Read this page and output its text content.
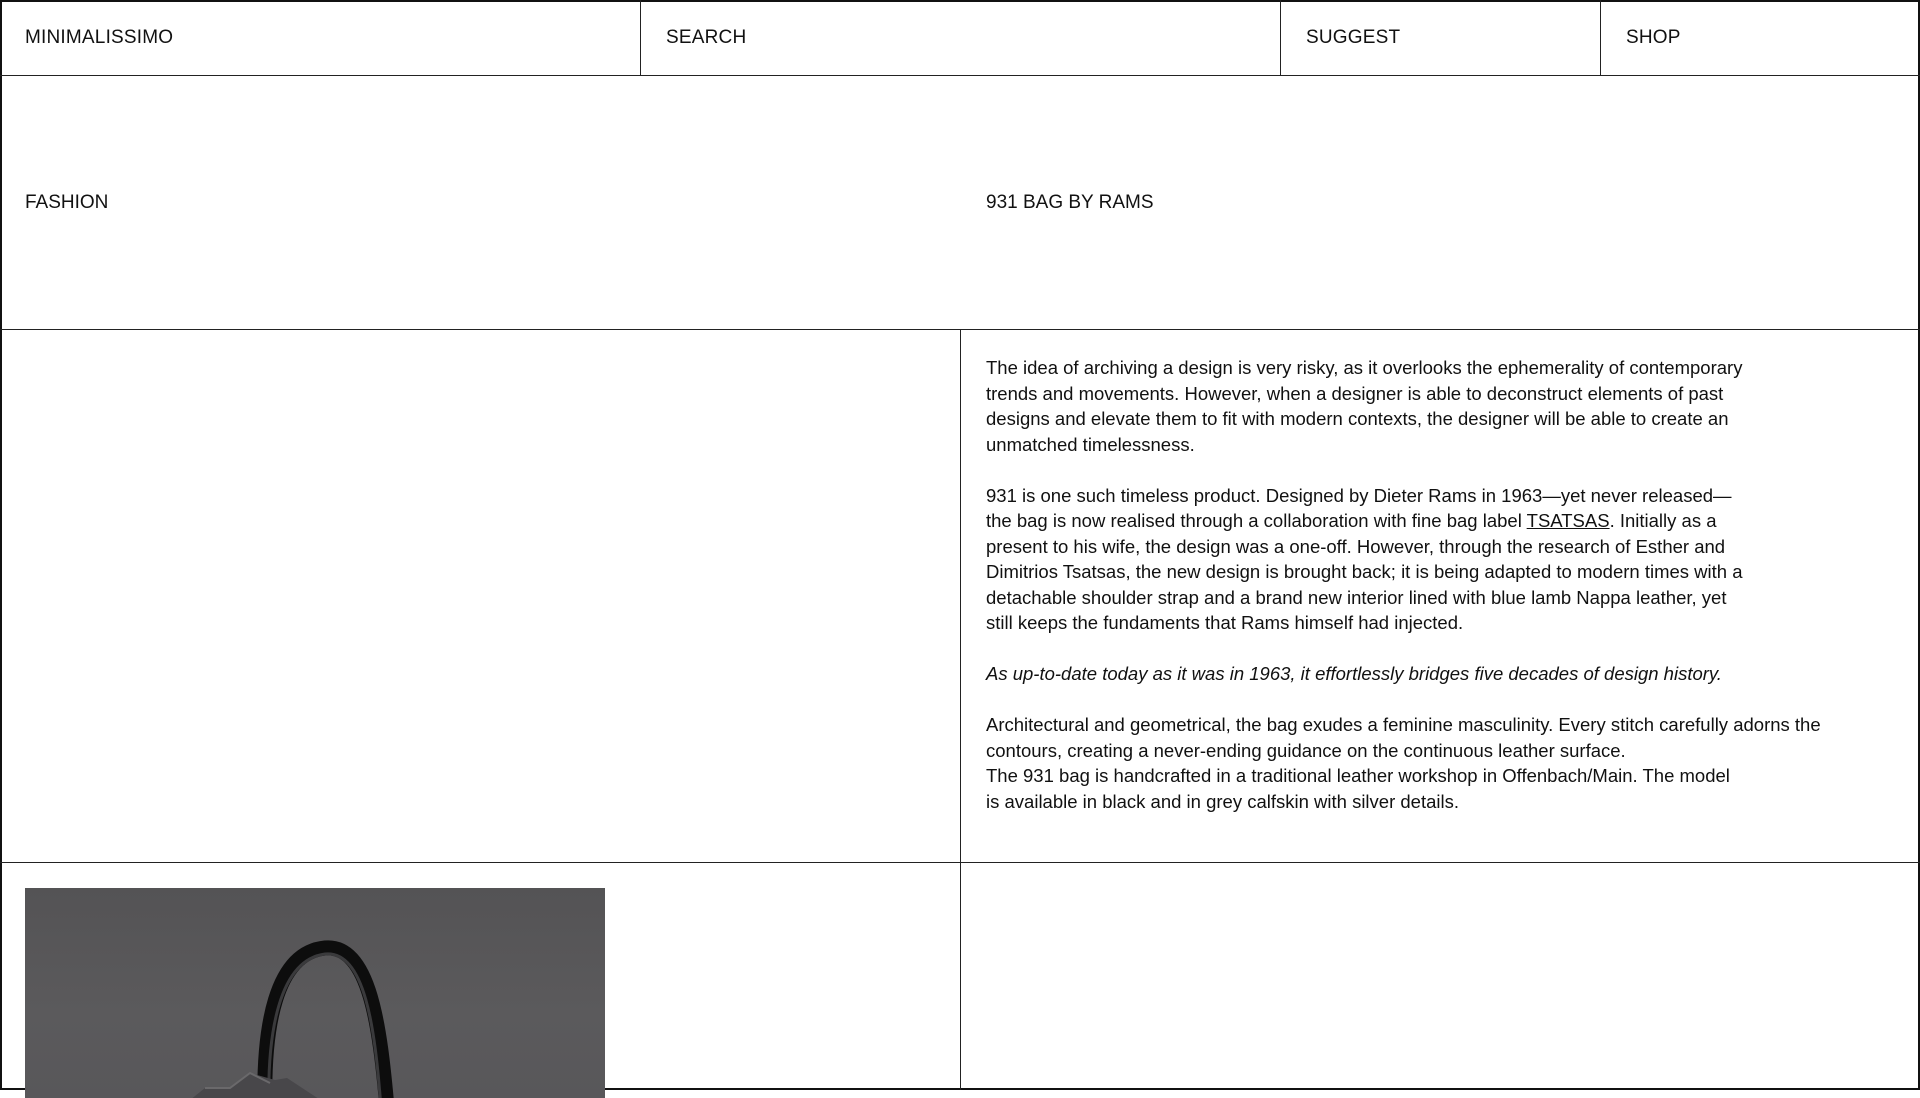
MINIMALISSIMO	SEARCH	SUGGEST	SHOP
FASHION	931 BAG BY RAMS

The idea of archiving a design is very risky, as it overlooks the ephemerality of contemporary trends and movements. However, when a designer is able to deconstruct elements of past designs and elevate them to fit with modern contexts, the designer will be able to create an unmatched timelessness.

931 is one such timeless product. Designed by Dieter Rams in 1963—yet never released—the bag is now realised through a collaboration with fine bag label TSATSAS. Initially as a present to his wife, the design was a one-off. However, through the research of Esther and Dimitrios Tsatsas, the new design is brought back; it is being adapted to modern times with a detachable shoulder strap and a brand new interior lined with blue lamb Nappa leather, yet still keeps the fundaments that Rams himself had injected.

As up-to-date today as it was in 1963, it effortlessly bridges five decades of design history.

Architectural and geometrical, the bag exudes a feminine masculinity. Every stitch carefully adorns the contours, creating a never-ending guidance on the continuous leather surface.
The 931 bag is handcrafted in a traditional leather workshop in Offenbach/Main. The model is available in black and in grey calfskin with silver details.
